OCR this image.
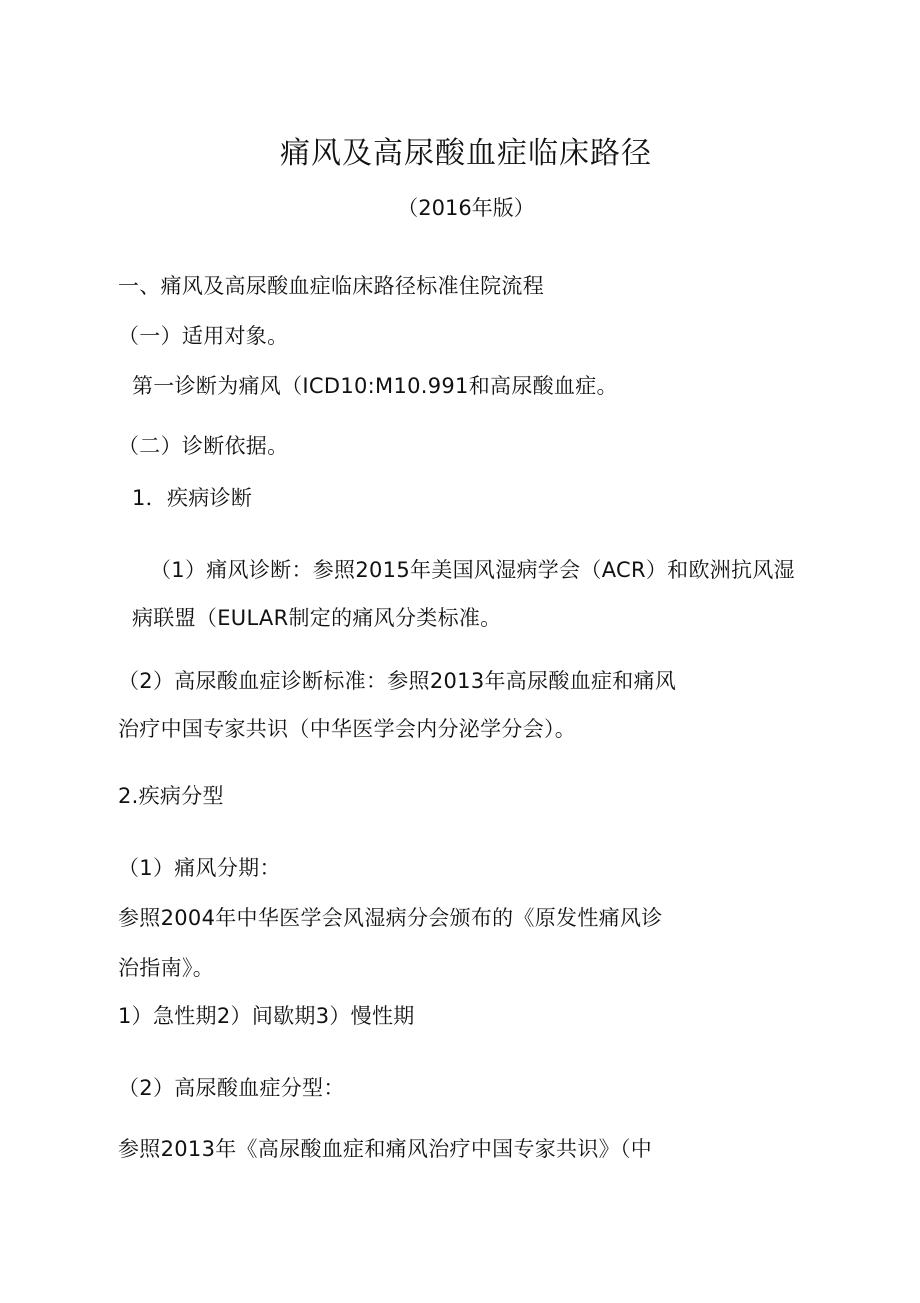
痛风及高尿酸血症临床路径
（2016年版）
一、痛风及高尿酸血症临床路径标准住院流程
（一）适用对象。
第一诊断为痛风（ICD10:M10.991和高尿酸血症。
（二）诊断依据。
1．疾病诊断
（1）痛风诊断：参照2015年美国风湿病学会（ACR）和欧洲抗风湿
病联盟（EULAR制定的痛风分类标准。
（2）高尿酸血症诊断标准：参照2013年高尿酸血症和痛风
治疗中国专家共识（中华医学会内分泌学分会）。
2.疾病分型
（1）痛风分期：
参照2004年中华医学会风湿病分会颁布的《原发性痛风诊
治指南》。
1）急性期2）间歇期3）慢性期
（2）高尿酸血症分型：
参照2013年《高尿酸血症和痛风治疗中国专家共识》（中
